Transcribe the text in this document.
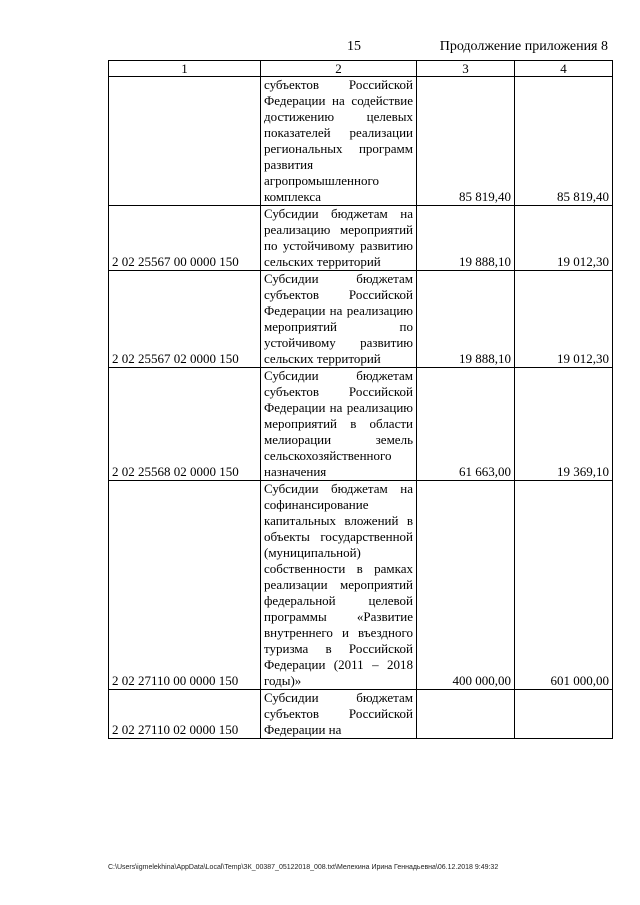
15	Продолжение приложения 8
1	2	3	4
	субъектов Российской Федерации на содействие достижению целевых показателей реализации региональных программ развития агропромышленного комплекса	85 819,40	85 819,40
2 02 25567 00 0000 150	Субсидии бюджетам на реализацию мероприятий по устойчивому развитию сельских территорий	19 888,10	19 012,30
2 02 25567 02 0000 150	Субсидии бюджетам субъектов Российской Федерации на реализацию мероприятий по устойчивому развитию сельских территорий	19 888,10	19 012,30
2 02 25568 02 0000 150	Субсидии бюджетам субъектов Российской Федерации на реализацию мероприятий в области мелиорации земель сельскохозяйственного назначения	61 663,00	19 369,10
2 02 27110 00 0000 150	Субсидии бюджетам на софинансирование капитальных вложений в объекты государственной (муниципальной) собственности в рамках реализации мероприятий федеральной целевой программы «Развитие внутреннего и въездного туризма в Российской Федерации (2011 – 2018 годы)»	400 000,00	601 000,00
2 02 27110 02 0000 150	Субсидии бюджетам субъектов Российской Федерации на		
C:\Users\igmelekhina\AppData\Local\Temp\ЗК_00387_05122018_008.txt\Мелехина Ирина Геннадьевна\06.12.2018 9:49:32
